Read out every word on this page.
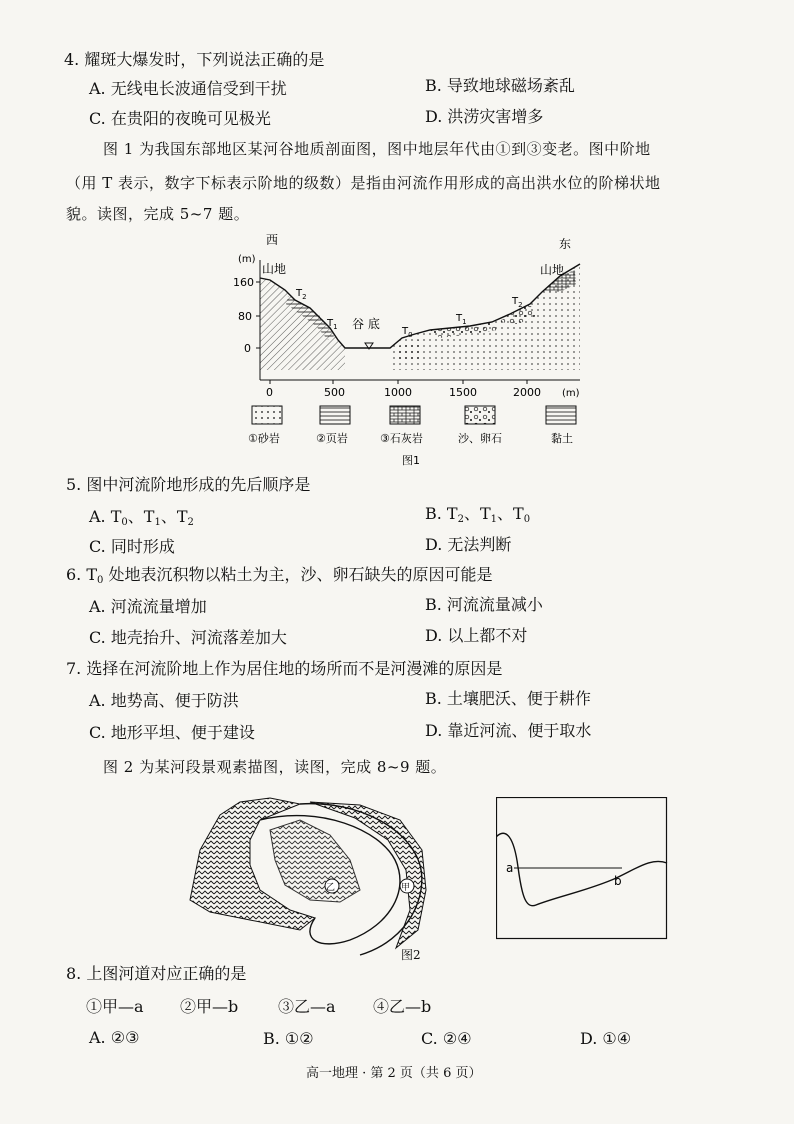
4. 耀斑大爆发时，下列说法正确的是
A. 无线电长波通信受到干扰	B. 导致地球磁场紊乱
C. 在贵阳的夜晚可见极光	D. 洪涝灾害增多
图 1 为我国东部地区某河谷地质剖面图，图中地层年代由①到③变老。图中阶地
（用 T 表示，数字下标表示阶地的级数）是指由河流作用形成的高出洪水位的阶梯状地
貌。读图，完成 5~7 题。
西	东
(m)
山地	山地
谷 底
160
80
0
0	500	1000	1500	2000 (m)
$T_2$
$T_1$	$T_0$
$T_1$
$T_2$
①砂岩	②页岩	③石灰岩	沙、卵石	黏土
图1
5. 图中河流阶地形成的先后顺序是
A. T0、T1、T2	B. T2、T1、T0
C. 同时形成	D. 无法判断
6. T0 处地表沉积物以粘土为主，沙、卵石缺失的原因可能是
A. 河流流量增加	B. 河流流量减小
C. 地壳抬升、河流落差加大	D. 以上都不对
7. 选择在河流阶地上作为居住地的场所而不是河漫滩的原因是
A. 地势高、便于防洪	B. 土壤肥沃、便于耕作
C. 地形平坦、便于建设	D. 靠近河流、便于取水
图 2 为某河段景观素描图，读图，完成 8~9 题。
乙	甲
a
b
图2
8. 上图河道对应正确的是
①甲—a ②甲—b ③乙—a ④乙—b
A. ②③	B. ①②	C. ②④	D. ①④
高一地理 · 第 2 页（共 6 页）
